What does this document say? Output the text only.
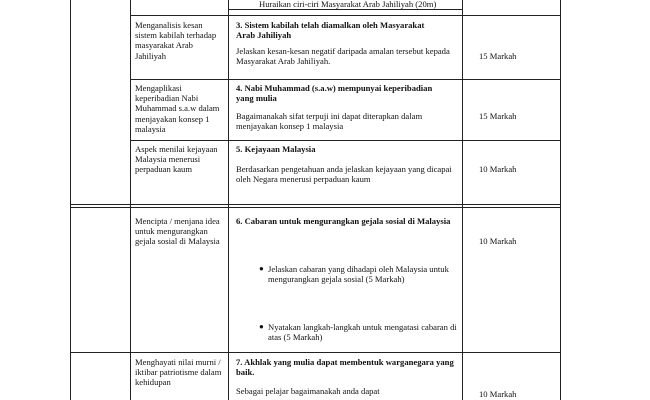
Huraikan ciri-ciri Masyarakat Arab Jahiliyah (20m)
Menganalisis kesan sistem kabilah terhadap masyarakat Arab Jahiliyah
3. Sistem kabilah telah diamalkan oleh Masyarakat Arab Jahiliyah
Jelaskan kesan-kesan negatif daripada amalan tersebut kepada Masyarakat Arab Jahiliyah.
15 Markah
Mengaplikasi keperibadian Nabi Muhammad s.a.w dalam menjayakan konsep 1 malaysia
4. Nabi Muhammad (s.a.w) mempunyai keperibadian yang mulia
Bagaimanakah sifat terpuji ini dapat diterapkan dalam menjayakan konsep 1 malaysia
15 Markah
Aspek menilai kejayaan Malaysia menerusi perpaduan kaum
5. Kejayaan Malaysia
Berdasarkan pengetahuan anda jelaskan kejayaan yang dicapai oleh Negara menerusi perpaduan kaum
10 Markah
Mencipta / menjana idea untuk mengurangkan gejala sosial di Malaysia
6. Cabaran untuk mengurangkan gejala sosial di Malaysia
● Jelaskan cabaran yang dihadapi oleh Malaysia untuk mengurangkan gejala sosial (5 Markah)
● Nyatakan langkah-langkah untuk mengatasi cabaran di atas (5 Markah)
10 Markah
Menghayati nilai murni / iktibar patriotisme dalam kehidupan
7. Akhlak yang mulia dapat membentuk warganegara yang baik.
Sebagai pelajar bagaimanakah anda dapat	10 Markah
